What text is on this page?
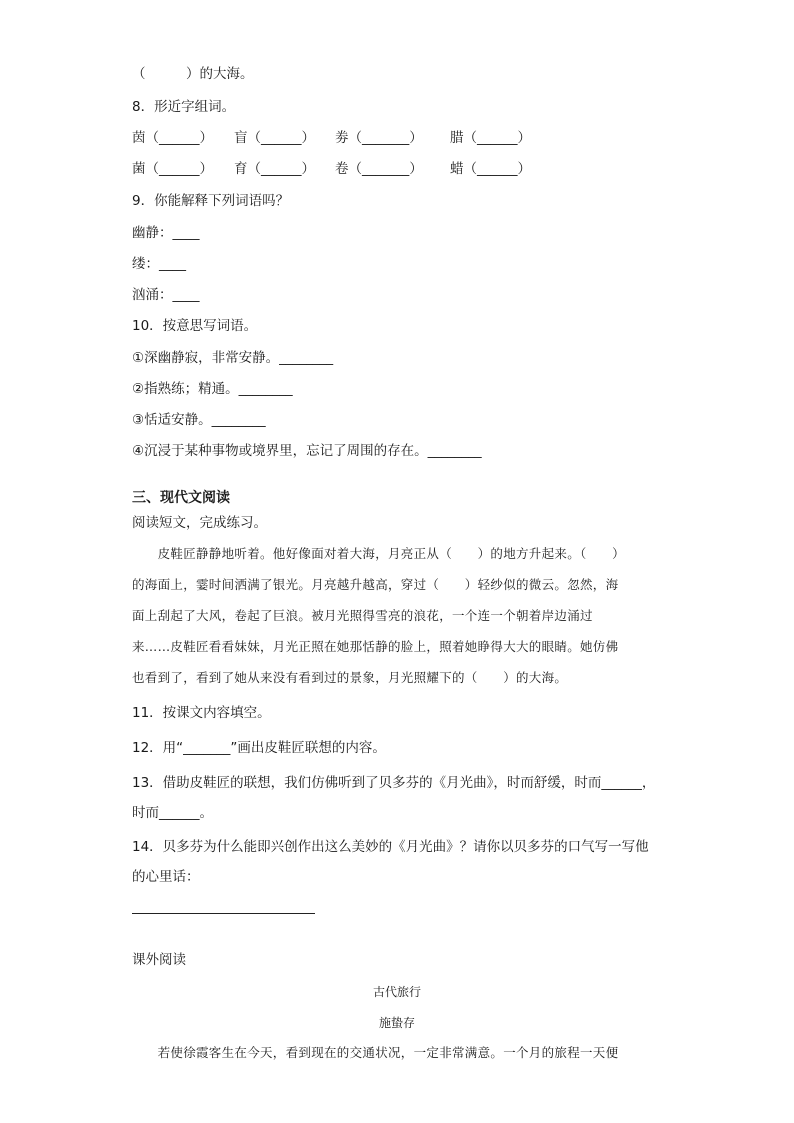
（　　　）的大海。
8．形近字组词。
茵（______） 盲（______） 劵（_______） 腊（______）
菌（______） 育（______） 卷（_______） 蜡（______）
9．你能解释下列词语吗？
幽静：____
缕：____
汹涌：____
10．按意思写词语。
①深幽静寂，非常安静。________
②指熟练；精通。________
③恬适安静。________
④沉浸于某种事物或境界里，忘记了周围的存在。________
三、现代文阅读
阅读短文，完成练习。
　　皮鞋匠静静地听着。他好像面对着大海，月亮正从（　　）的地方升起来。（　　）
的海面上，霎时间洒满了银光。月亮越升越高，穿过（　　）轻纱似的微云。忽然，海
面上刮起了大风，卷起了巨浪。被月光照得雪亮的浪花，一个连一个朝着岸边涌过
来……皮鞋匠看看妹妹，月光正照在她那恬静的脸上，照着她睁得大大的眼睛。她仿佛
也看到了，看到了她从来没有看到过的景象，月光照耀下的（　　）的大海。
11．按课文内容填空。
12．用“_______”画出皮鞋匠联想的内容。
13．借助皮鞋匠的联想，我们仿佛听到了贝多芬的《月光曲》，时而舒缓，时而______，
时而______。
14．贝多芬为什么能即兴创作出这么美妙的《月光曲》？请你以贝多芬的口气写一写他
的心里话：
课外阅读
古代旅行
施蛰存
　　若使徐霞客生在今天，看到现在的交通状况，一定非常满意。一个月的旅程一天便
